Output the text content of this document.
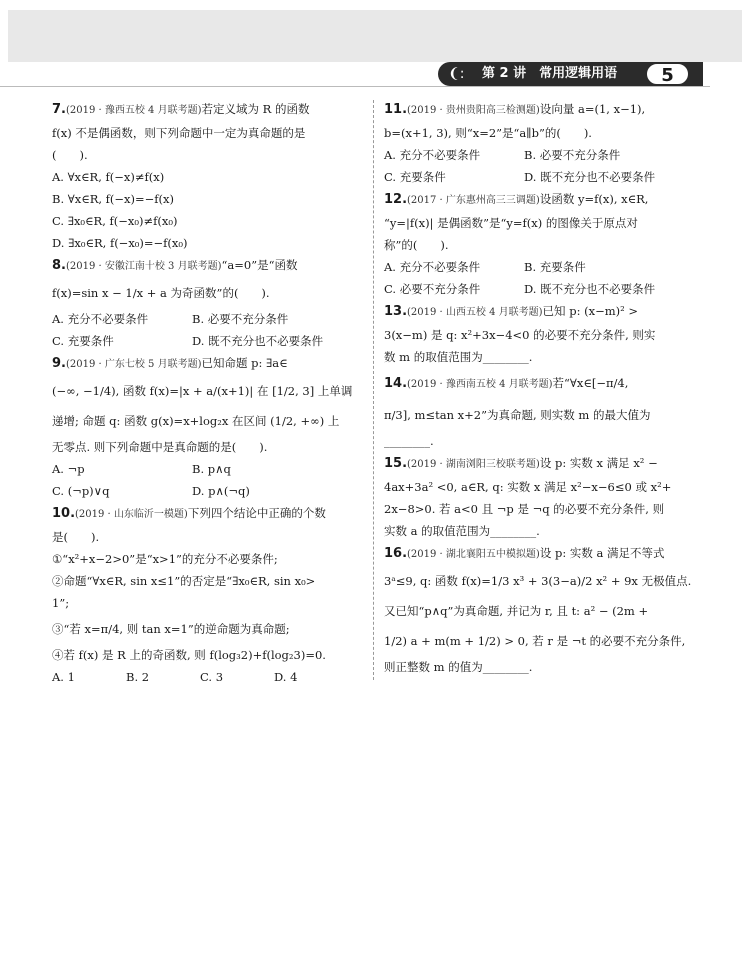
❨: 第 2 讲　常用逻辑用语	5
7.(2019 · 豫西五校 4 月联考题)若定义域为 R 的函数
f(x) 不是偶函数，则下列命题中一定为真命题的是
(　　).
A. ∀x∈R, f(−x)≠f(x)
B. ∀x∈R, f(−x)=−f(x)
C. ∃x₀∈R, f(−x₀)≠f(x₀)
D. ∃x₀∈R, f(−x₀)=−f(x₀)
8.(2019 · 安徽江南十校 3 月联考题)“a=0”是“函数
f(x)=sin x − 1/x + a 为奇函数”的(　　).
A. 充分不必要条件	B. 必要不充分条件
C. 充要条件	D. 既不充分也不必要条件
9.(2019 · 广东七校 5 月联考题)已知命题 p: ∃a∈
(−∞, −1/4), 函数 f(x)=|x + a/(x+1)| 在 [1/2, 3] 上单调
递增; 命题 q: 函数 g(x)=x+log₂x 在区间 (1/2, +∞) 上
无零点. 则下列命题中是真命题的是(　　).
A. ¬p	B. p∧q
C. (¬p)∨q	D. p∧(¬q)
10.(2019 · 山东临沂一模题)下列四个结论中正确的个数
是(　　).
①“x²+x−2>0”是“x>1”的充分不必要条件;
②命题“∀x∈R, sin x≤1”的否定是“∃x₀∈R, sin x₀>
1”;
③“若 x=π/4, 则 tan x=1”的逆命题为真命题;
④若 f(x) 是 R 上的奇函数, 则 f(log₃2)+f(log₂3)=0.
A. 1	B. 2	C. 3	D. 4
11.(2019 · 贵州贵阳高三检测题)设向量 a=(1, x−1),
b=(x+1, 3), 则“x=2”是“a∥b”的(　　).
A. 充分不必要条件	B. 必要不充分条件
C. 充要条件	D. 既不充分也不必要条件
12.(2017 · 广东惠州高三三调题)设函数 y=f(x), x∈R,
“y=|f(x)| 是偶函数”是“y=f(x) 的图像关于原点对
称”的(　　).
A. 充分不必要条件	B. 充要条件
C. 必要不充分条件	D. 既不充分也不必要条件
13.(2019 · 山西五校 4 月联考题)已知 p: (x−m)² >
3(x−m) 是 q: x²+3x−4<0 的必要不充分条件, 则实
数 m 的取值范围为________.
14.(2019 · 豫西南五校 4 月联考题)若“∀x∈[−π/4,
π/3], m≤tan x+2”为真命题, 则实数 m 的最大值为
________.
15.(2019 · 湖南浏阳三校联考题)设 p: 实数 x 满足 x² −
4ax+3a² <0, a∈R, q: 实数 x 满足 x²−x−6≤0 或 x²+
2x−8>0. 若 a<0 且 ¬p 是 ¬q 的必要不充分条件, 则
实数 a 的取值范围为________.
16.(2019 · 湖北襄阳五中模拟题)设 p: 实数 a 满足不等式
3ᵃ≤9, q: 函数 f(x)=1/3 x³ + 3(3−a)/2 x² + 9x 无极值点.
又已知“p∧q”为真命题, 并记为 r, 且 t: a² − (2m +
1/2) a + m(m + 1/2) > 0, 若 r 是 ¬t 的必要不充分条件,
则正整数 m 的值为________.
